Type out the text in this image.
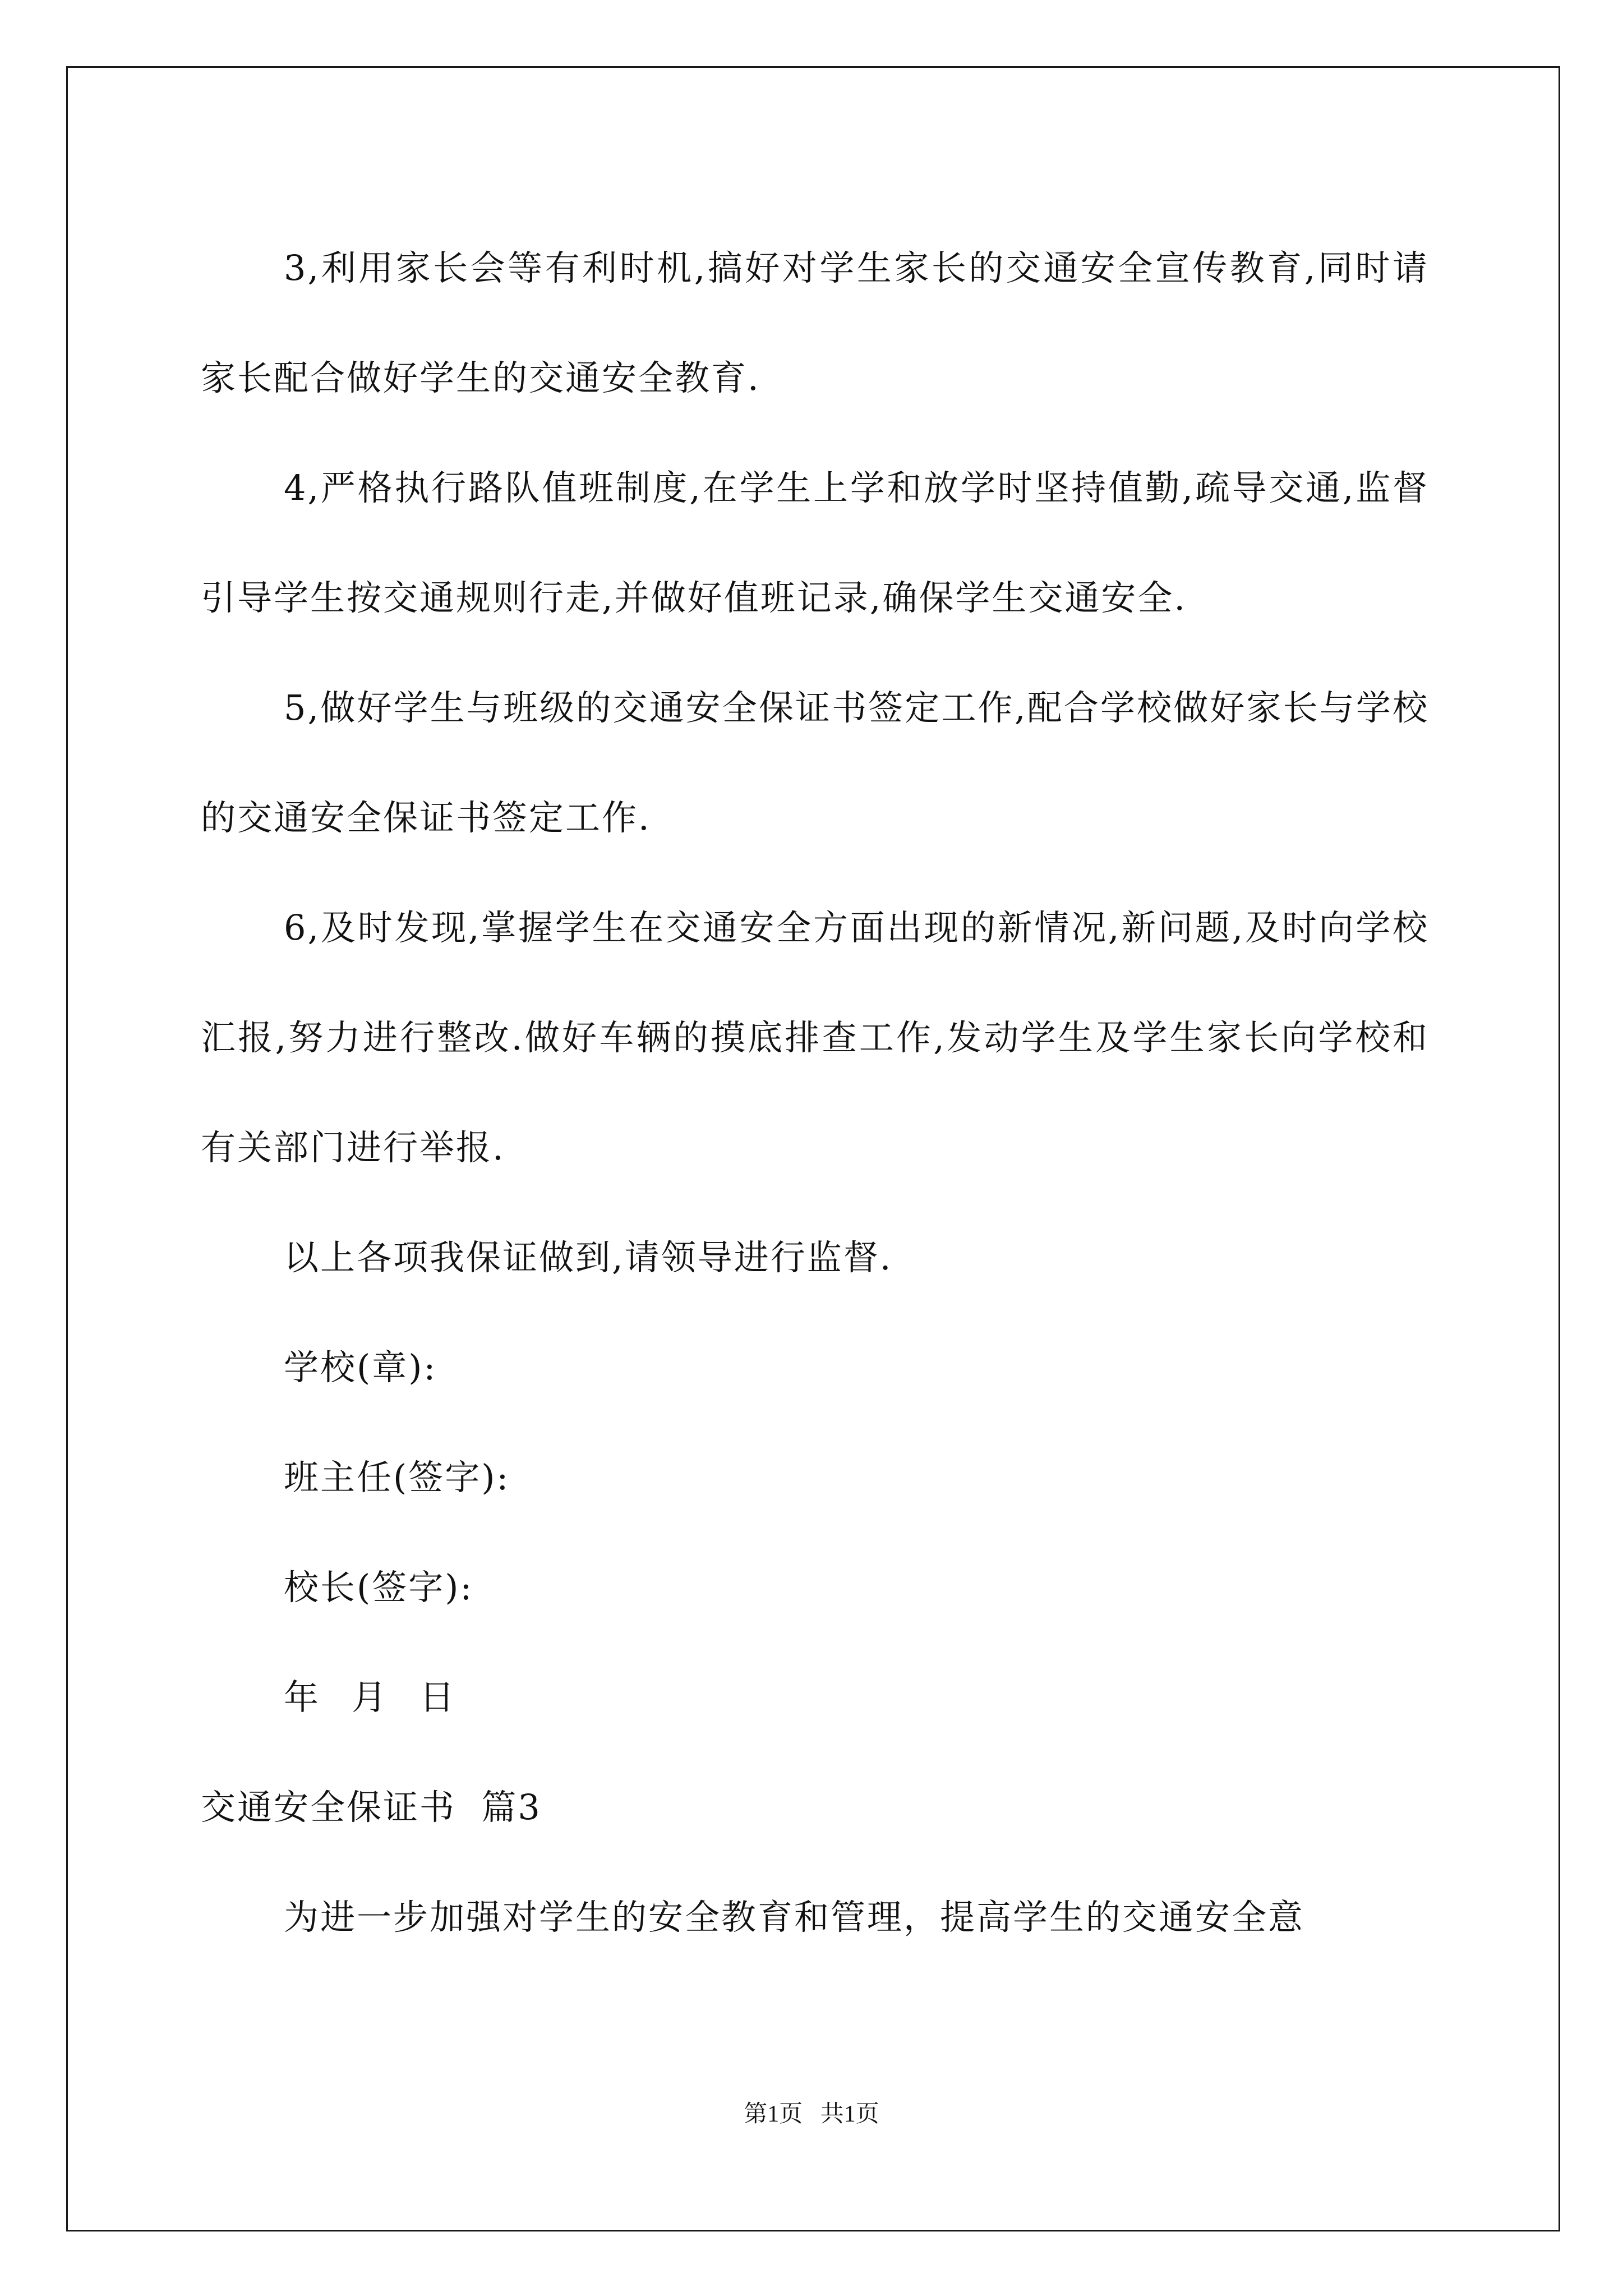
3,利用家长会等有利时机,搞好对学生家长的交通安全宣传教育,同时请家长配合做好学生的交通安全教育.

4,严格执行路队值班制度,在学生上学和放学时坚持值勤,疏导交通,监督引导学生按交通规则行走,并做好值班记录,确保学生交通安全.

5,做好学生与班级的交通安全保证书签定工作,配合学校做好家长与学校的交通安全保证书签定工作.

6,及时发现,掌握学生在交通安全方面出现的新情况,新问题,及时向学校汇报,努力进行整改.做好车辆的摸底排查工作,发动学生及学生家长向学校和有关部门进行举报.

以上各项我保证做到,请领导进行监督.

学校(章):

班主任(签字):

校长(签字):

年 月 日

交通安全保证书  篇3

为进一步加强对学生的安全教育和管理，提高学生的交通安全意

第1页 共1页
